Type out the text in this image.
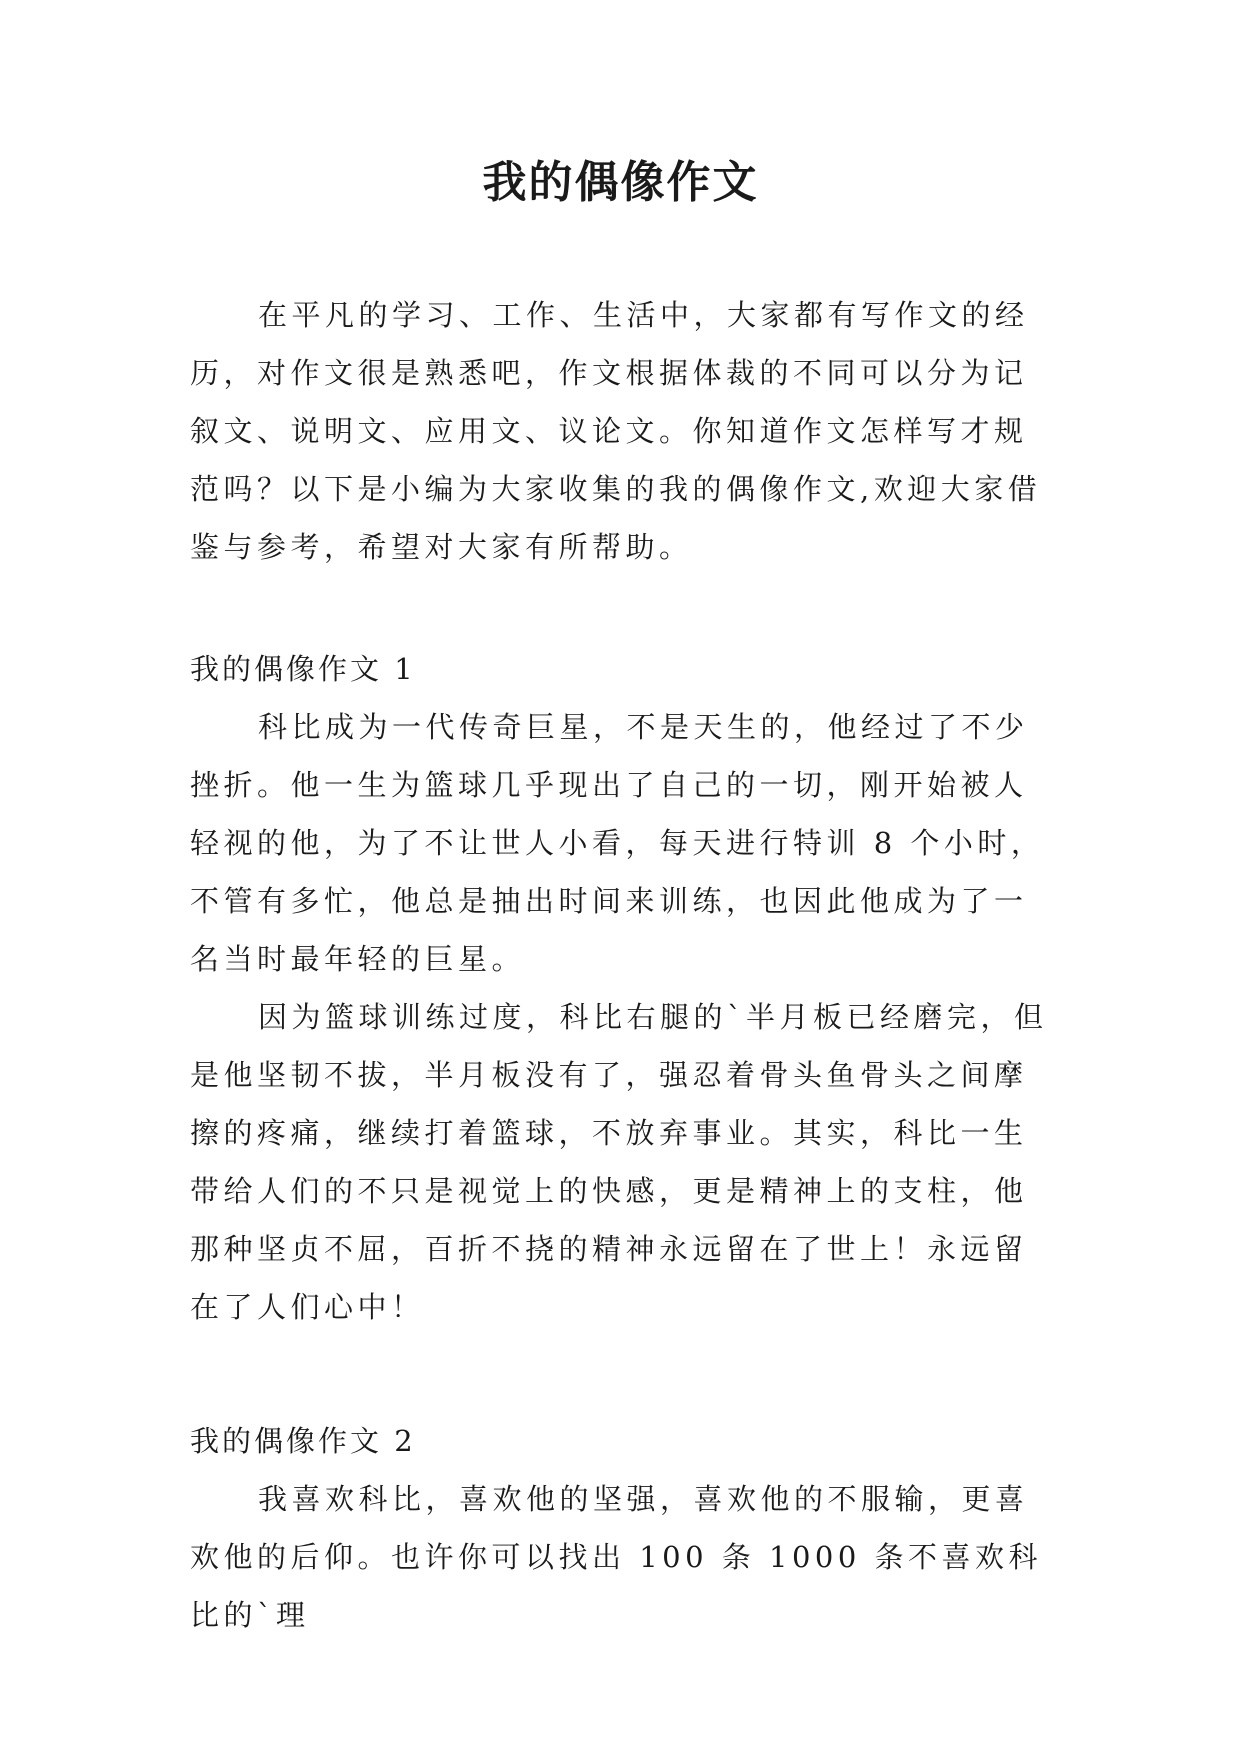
我的偶像作文

在平凡的学习、工作、生活中，大家都有写作文的经历，对作文很是熟悉吧，作文根据体裁的不同可以分为记叙文、说明文、应用文、议论文。你知道作文怎样写才规范吗？以下是小编为大家收集的我的偶像作文,欢迎大家借鉴与参考，希望对大家有所帮助。

我的偶像作文 1

科比成为一代传奇巨星，不是天生的，他经过了不少挫折。他一生为篮球几乎现出了自己的一切，刚开始被人轻视的他，为了不让世人小看，每天进行特训 8 个小时，不管有多忙，他总是抽出时间来训练，也因此他成为了一名当时最年轻的巨星。

因为篮球训练过度，科比右腿的`半月板已经磨完，但是他坚韧不拔，半月板没有了，强忍着骨头鱼骨头之间摩擦的疼痛，继续打着篮球，不放弃事业。其实，科比一生带给人们的不只是视觉上的快感，更是精神上的支柱，他那种坚贞不屈，百折不挠的精神永远留在了世上！永远留在了人们心中！

我的偶像作文 2

我喜欢科比，喜欢他的坚强，喜欢他的不服输，更喜欢他的后仰。也许你可以找出 100 条 1000 条不喜欢科比的`理
